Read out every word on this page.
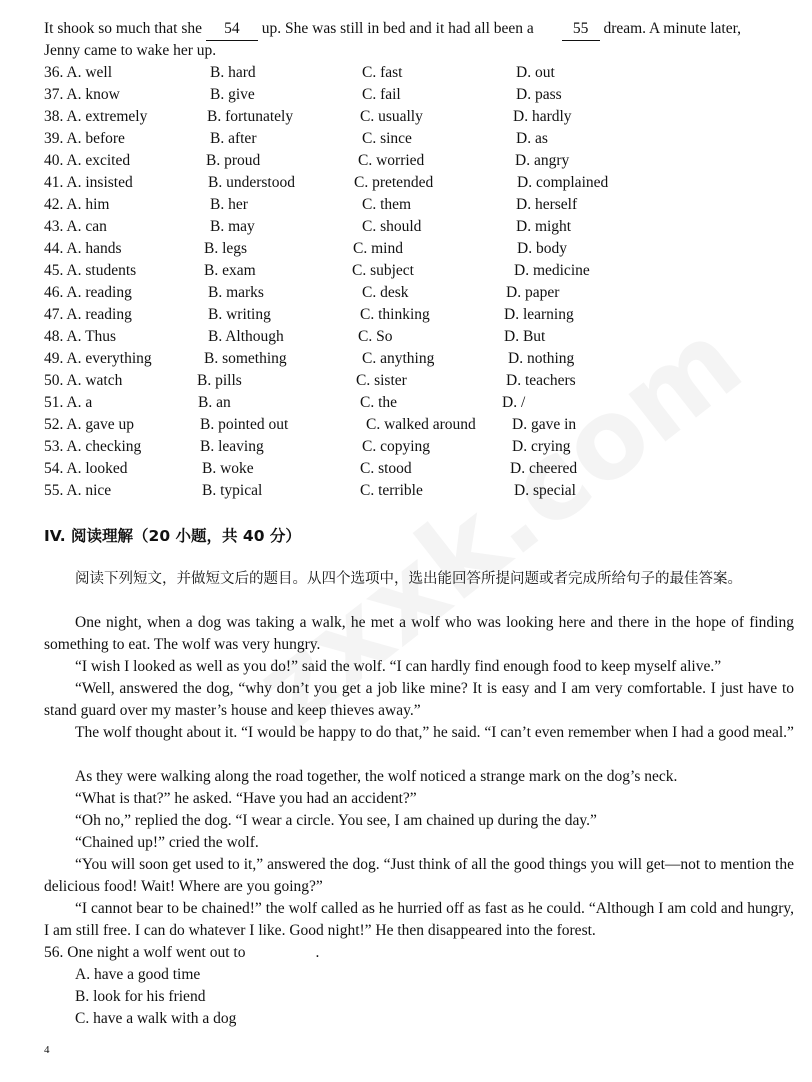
It shook so much that she 54 up. She was still in bed and it had all been a	55 dream. A minute later,
Jenny came to wake her up.
36. A. well	B. hard	C. fast	D. out
37. A. know	B. give	C. fail	D. pass
38. A. extremely	B. fortunately	C. usually	D. hardly
39. A. before	B. after	C. since	D. as
40. A. excited	B. proud	C. worried	D. angry
41. A. insisted	B. understood	C. pretended	D. complained
42. A. him	B. her	C. them	D. herself
43. A. can	B. may	C. should	D. might
44. A. hands	B. legs	C. mind	D. body
45. A. students	B. exam	C. subject	D. medicine
46. A. reading	B. marks	C. desk	D. paper
47. A. reading	B. writing	C. thinking	D. learning
48. A. Thus	B. Although	C. So	D. But
49. A. everything	B. something	C. anything	D. nothing
50. A. watch	B. pills	C. sister	D. teachers
51. A. a	B. an	C. the	D. /
52. A. gave up	B. pointed out	C. walked around D. gave in
53. A. checking	B. leaving	C. copying	D. crying
54. A. looked	B. woke	C. stood	D. cheered
55. A. nice	B. typical	C. terrible	D. special
IV. 阅读理解（20 小题，共 40 分）
阅读下列短文，并做短文后的题目。从四个选项中，选出能回答所提问题或者完成所给句子的最佳答案。
One night, when a dog was taking a walk, he met a wolf who was looking here and there in the hope of finding something to eat. The wolf was very hungry.
“I wish I looked as well as you do!” said the wolf. “I can hardly find enough food to keep myself alive.”
“Well, answered the dog, “why don’t you get a job like mine? It is easy and I am very comfortable. I just have to stand guard over my master’s house and keep thieves away.”
The wolf thought about it. “I would be happy to do that,” he said. “I can’t even remember when I had a good meal.”
As they were walking along the road together, the wolf noticed a strange mark on the dog’s neck.
“What is that?” he asked. “Have you had an accident?”
“Oh no,” replied the dog. “I wear a circle. You see, I am chained up during the day.”
“Chained up!” cried the wolf.
“You will soon get used to it,” answered the dog. “Just think of all the good things you will get—not to mention the delicious food! Wait! Where are you going?”
“I cannot bear to be chained!” the wolf called as he hurried off as fast as he could. “Although I am cold and hungry, I am still free. I can do whatever I like. Good night!” He then disappeared into the forest.
56. One night a wolf went out to	.
A. have a good time
B. look for his friend
C. have a walk with a dog
4
